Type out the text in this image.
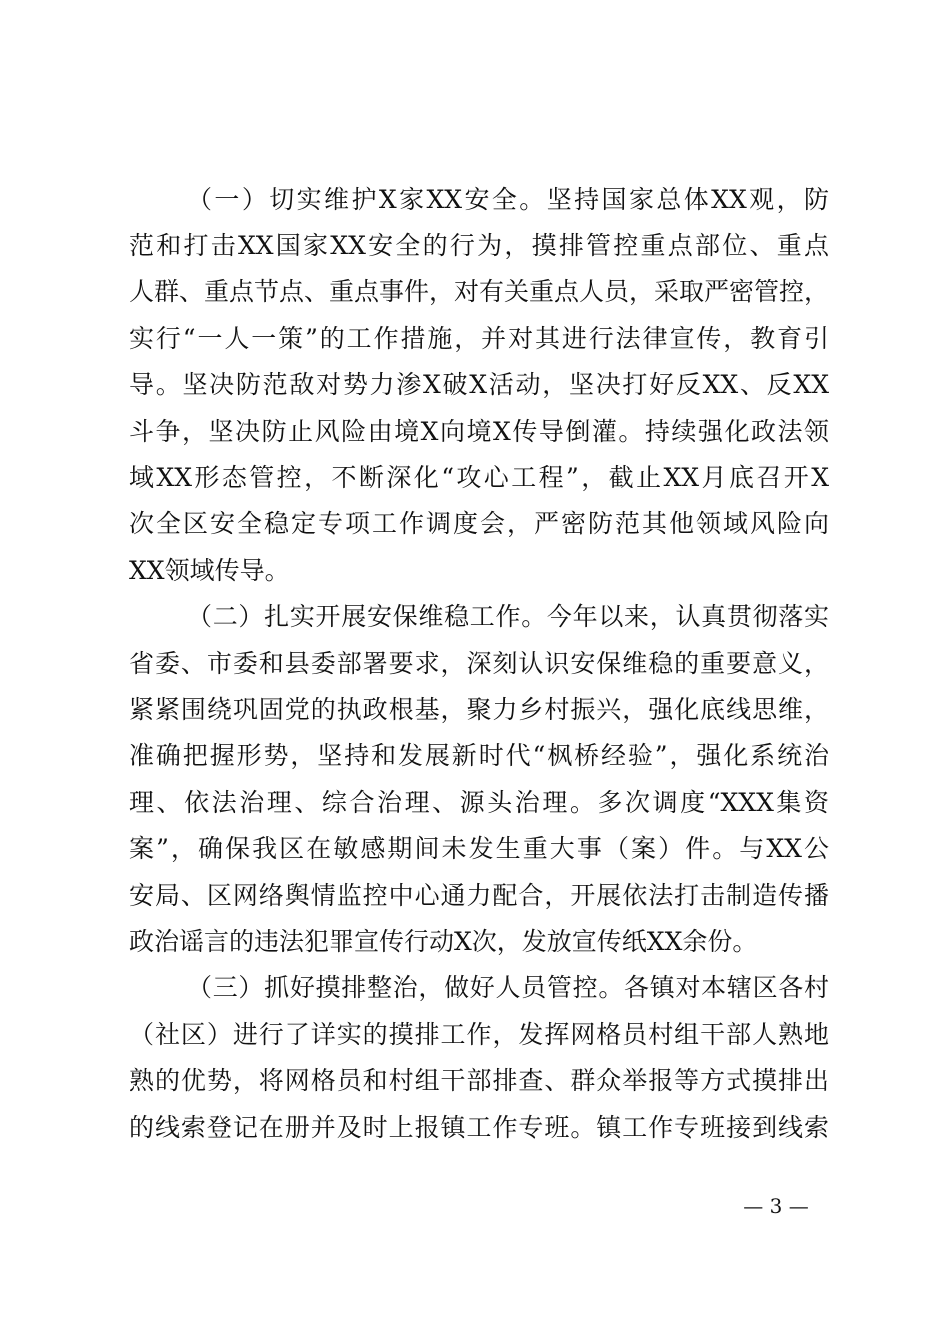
（一）切实维护X家XX安全。坚持国家总体XX观，防
范和打击XX国家XX安全的行为，摸排管控重点部位、重点
人群、重点节点、重点事件，对有关重点人员，采取严密管控，
实行“一人一策”的工作措施，并对其进行法律宣传，教育引
导。坚决防范敌对势力渗X破X活动，坚决打好反XX、反XX
斗争，坚决防止风险由境X向境X传导倒灌。持续强化政法领
域XX形态管控，不断深化“攻心工程”，截止XX月底召开X
次全区安全稳定专项工作调度会，严密防范其他领域风险向
XX领域传导。
（二）扎实开展安保维稳工作。今年以来，认真贯彻落实
省委、市委和县委部署要求，深刻认识安保维稳的重要意义，
紧紧围绕巩固党的执政根基，聚力乡村振兴，强化底线思维，
准确把握形势，坚持和发展新时代“枫桥经验”，强化系统治
理、依法治理、综合治理、源头治理。多次调度“XXX集资
案”，确保我区在敏感期间未发生重大事（案）件。与XX公
安局、区网络舆情监控中心通力配合，开展依法打击制造传播
政治谣言的违法犯罪宣传行动X次，发放宣传纸XX余份。
（三）抓好摸排整治，做好人员管控。各镇对本辖区各村
（社区）进行了详实的摸排工作，发挥网格员村组干部人熟地
熟的优势，将网格员和村组干部排查、群众举报等方式摸排出
的线索登记在册并及时上报镇工作专班。镇工作专班接到线索
— 3 —
